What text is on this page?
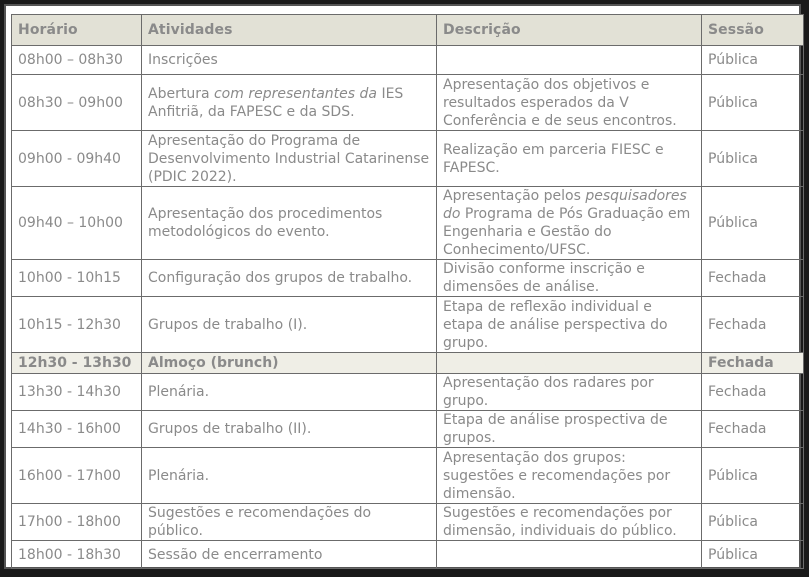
Horário	Atividades	Descrição	Sessão
08h00 – 08h30	Inscrições		Pública
08h30 – 09h00	Abertura com representantes da IES Anfitriã, da FAPESC e da SDS.	Apresentação dos objetivos e resultados esperados da V Conferência e de seus encontros.	Pública
09h00 - 09h40	Apresentação do Programa de Desenvolvimento Industrial Catarinense (PDIC 2022).	Realização em parceria FIESC e FAPESC.	Pública
09h40 – 10h00	Apresentação dos procedimentos metodológicos do evento.	Apresentação pelos pesquisadores do Programa de Pós Graduação em Engenharia e Gestão do Conhecimento/UFSC.	Pública
10h00 - 10h15	Configuração dos grupos de trabalho.	Divisão conforme inscrição e dimensões de análise.	Fechada
10h15 - 12h30	Grupos de trabalho (I).	Etapa de reflexão individual e etapa de análise perspectiva do grupo.	Fechada
12h30 - 13h30	Almoço (brunch)		Fechada
13h30 - 14h30	Plenária.	Apresentação dos radares por grupo.	Fechada
14h30 - 16h00	Grupos de trabalho (II).	Etapa de análise prospectiva de grupos.	Fechada
16h00 - 17h00	Plenária.	Apresentação dos grupos: sugestões e recomendações por dimensão.	Pública
17h00 - 18h00	Sugestões e recomendações do público.	Sugestões e recomendações por dimensão, individuais do público.	Pública
18h00 - 18h30	Sessão de encerramento		Pública
